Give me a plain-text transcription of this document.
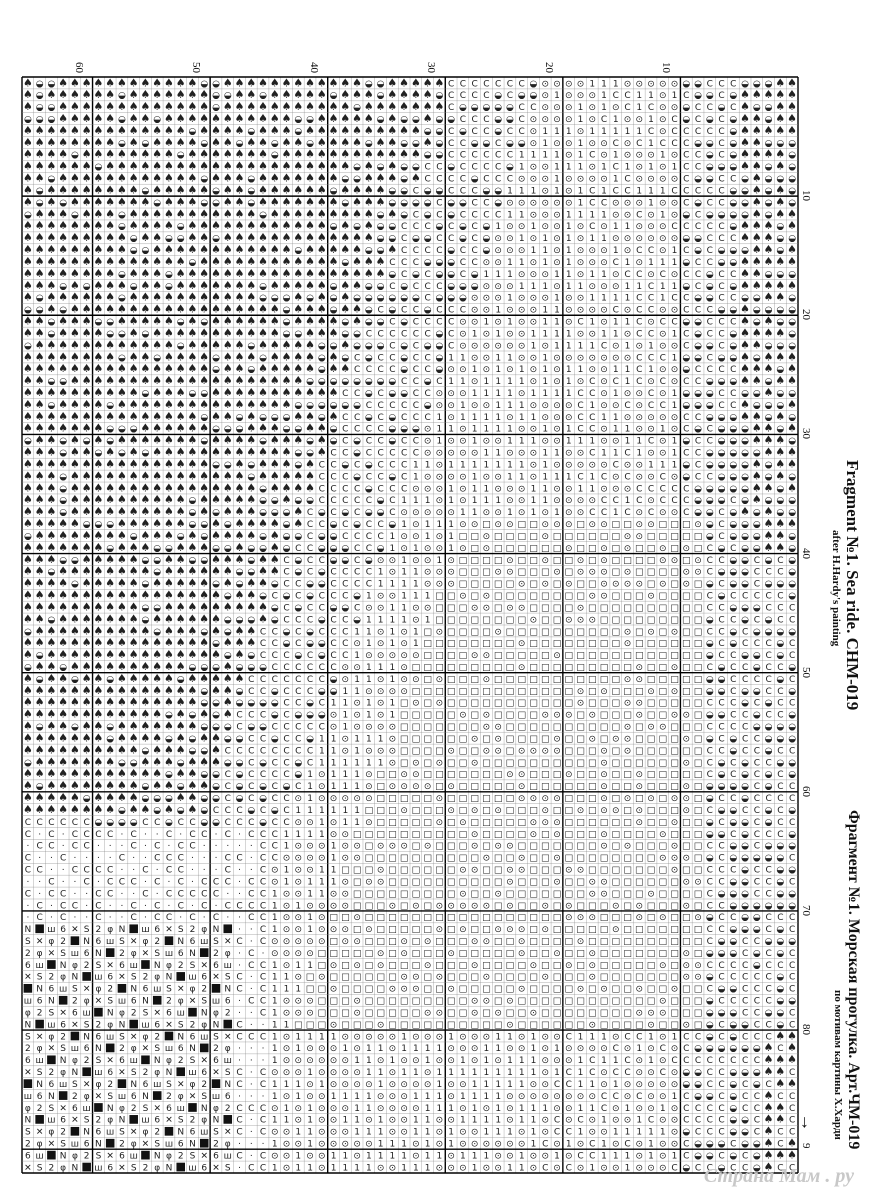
♠ ◒ ◒ ♠ ♠ ♠ ♠ ♠ ♠ ♠ ♠ ♠ ♠ ♠ ♠ ◒ ◒ ♠ ♠ ♠ ♠ ♠ ♠ ♠ ♠ ♠ ♠ ♠ ♠ ◒ ◒ ♠ ♠ ♠ ♠ ♠ C C C C C C C ◒ ⊙ ⊙ ⊙ ⊙ 1 1 1 ⊙ ⊙ ⊙ ⊙ ⊙ ◒ ◒ C C C ◒ ◒ ◒ ♠ ♠
♠ ◒ ♠ ♠ ♠ ♠ ♠ ♠ ◒ ♠ ♠ ♠ ♠ ♠ ♠ ♠ ◒ ◒ ♠ ♠ ◒ ♠ ♠ ♠ ♠ ♠ ◒ ♠ ♠ ♠ ◒ ♠ ♠ ♠ ♠ ◒ C C C C ◒ C ◒ ◒ ⊙ 1 ⊙ ⊙ ⊙ 1 C C 1 1 ⊙ 1 C ◒ ◒ C ◒ ♠ ♠ ♠ ♠ ♠
♠ ◒ ◒ ♠ ♠ ♠ ♠ ♠ ♠ ♠ ♠ ♠ ♠ ♠ ♠ ♠ ◒ ♠ ♠ ♠ ♠ ♠ ♠ ♠ ♠ ♠ ♠ ♠ ◒ ♠ ♠ ♠ ♠ ♠ ♠ ♠ C ◒ ◒ ◒ ◒ ◒ C C ⊙ ⊙ ⊙ 1 ⊙ 1 ⊙ C 1 C ⊙ ⊙ ◒ C C ◒ C ♠ ◒ ◒ ♠ ♠
◒ ◒ ◒ ♠ ♠ ♠ ♠ ♠ ◒ ♠ ♠ ◒ ♠ ♠ ♠ ♠ ♠ ♠ ♠ ♠ ♠ ♠ ♠ ◒ ◒ ♠ ♠ ♠ ♠ ♠ ◒ ♠ ◒ ◒ ♠ ◒ ◒ C C C ◒ ◒ C ⊙ ⊙ ⊙ ⊙ 1 ⊙ C 1 ⊙ ⊙ 1 ⊙ C ◒ C ◒ C ◒ ♠ ♠ ◒ ♠ ♠
♠ ♠ ♠ ♠ ♠ ♠ ♠ ♠ ♠ ♠ ♠ ♠ ♠ ♠ ◒ ♠ ♠ ♠ ♠ ◒ ♠ ♠ ♠ ◒ ♠ ♠ ♠ ♠ ♠ ♠ ♠ ♠ ♠ ♠ ◒ ◒ C ◒ C C ◒ C C ⊙ 1 1 1 ⊙ 1 1 1 1 1 C ⊙ C C C C C ◒ ♠ ♠ ♠ ♠ ♠
♠ ♠ ♠ ♠ ♠ ♠ ♠ ♠ ◒ ♠ ◒ ♠ ♠ ♠ ♠ ◒ ♠ ♠ ◒ ♠ ♠ ◒ ♠ ♠ ◒ ♠ ♠ ♠ ♠ ◒ ♠ ♠ ◒ ◒ ♠ ◒ C C ◒ ◒ C ◒ ◒ ⊙ 1 ⊙ ⊙ 1 ⊙ ⊙ C ⊙ C 1 C C C ◒ ◒ C ◒ ♠ ♠ ◒ ◒ ◒
♠ ♠ ♠ ♠ ◒ ♠ ♠ ♠ ♠ ♠ ♠ ♠ ♠ ◒ ♠ ♠ ♠ ♠ ♠ ♠ ♠ ◒ ♠ ♠ ♠ ♠ ♠ ♠ ♠ ♠ ♠ ♠ ♠ ♠ ◒ ◒ C C C C C C 1 1 1 1 ⊙ 1 C ⊙ 1 ⊙ ⊙ ⊙ 1 ⊙ C C ◒ C ◒ ♠ ♠ ♠ ♠ ◒
♠ ♠ ♠ ♠ ♠ ♠ ◒ ♠ ♠ ♠ ♠ ♠ ♠ ♠ ♠ ♠ ♠ ♠ ♠ ♠ ♠ ♠ ♠ ♠ ♠ ♠ ♠ ♠ ◒ ♠ ◒ ♠ ◒ ◒ C C ◒ C C C C ◒ 1 ⊙ ⊙ 1 1 1 ⊙ 1 C 1 ⊙ 1 ⊙ 1 C C ◒ ◒ ◒ ♠ ♠ ◒ ♠ ◒
♠ ♠ ◒ ♠ ♠ ♠ ♠ ♠ ♠ ♠ ♠ ♠ ♠ ♠ ♠ ◒ ♠ ♠ ♠ ◒ ♠ ♠ ♠ ♠ ♠ ♠ ♠ ◒ ◒ ♠ ♠ ♠ ◒ ♠ C C C C ◒ C C C ⊙ ⊙ ⊙ 1 ⊙ ⊙ ⊙ ⊙ 1 C ⊙ ⊙ ⊙ ⊙ C ◒ ◒ C C ◒ ♠ ◒ ◒ ◒
♠ ◒ ♠ ♠ ♠ ♠ ♠ ♠ ♠ ♠ ◒ ♠ ♠ ♠ ♠ ♠ ◒ ♠ ♠ ◒ ♠ ♠ ♠ ♠ ♠ ♠ ◒ ♠ ♠ ♠ ♠ ◒ ◒ C ◒ ◒ C C C ◒ ◒ 1 1 1 ⊙ 1 ⊙ 1 C 1 C C 1 1 1 C C C C C ◒ ◒ ♠ ◒ ♠ ◒
♠ ◒ ♠ ◒ ♠ ♠ ♠ ♠ ♠ ♠ ♠ ◒ ♠ ♠ ♠ ◒ ◒ ♠ ♠ ◒ ♠ ♠ ♠ ♠ ♠ ♠ ♠ ◒ ♠ ♠ ♠ ◒ ◒ ◒ ◒ C ◒ ◒ C C ◒ ⊙ ⊙ ⊙ ⊙ ⊙ ⊙ 1 C C ⊙ ⊙ ⊙ 1 ⊙ ⊙ C ◒ C C ◒ ◒ ♠ ◒ ♠ ◒
◒ ♠ ♠ ♠ ◒ ♠ ♠ ♠ ◒ ♠ ♠ ♠ ♠ ♠ ♠ ♠ ♠ ♠ ♠ ♠ ◒ ♠ ♠ ♠ ♠ ♠ ♠ ♠ ♠ ♠ ◒ ♠ ◒ C ◒ C ◒ C C C C 1 1 ⊙ ⊙ ⊙ 1 1 1 1 ⊙ ⊙ C ⊙ 1 ⊙ ◒ C ◒ ◒ ◒ ◒ ♠ ◒ ♠ ♠
♠ ♠ ♠ ♠ ♠ ♠ ♠ ♠ ◒ ♠ ♠ ♠ ♠ ◒ ♠ ♠ ♠ ♠ ♠ ♠ ♠ ♠ ♠ ♠ ♠ ♠ ◒ ♠ ◒ ♠ ◒ ◒ C C C ◒ C ◒ C ◒ 1 ⊙ ⊙ 1 ⊙ ⊙ 1 ⊙ C ⊙ 1 1 ⊙ ⊙ ⊙ C C C C C ◒ ♠ ♠ ♠ ◒ ♠
♠ ♠ ♠ ♠ ♠ ♠ ♠ ♠ ♠ ◒ ♠ ♠ ◒ ◒ ♠ ♠ ◒ ♠ ♠ ♠ ♠ ♠ ♠ ♠ ♠ ♠ ♠ ♠ ♠ ♠ ◒ ◒ C ◒ ◒ C C ◒ C ◒ ⊙ ⊙ 1 ⊙ 1 ⊙ 1 ⊙ 1 1 ⊙ ⊙ ⊙ ⊙ ⊙ ⊙ ◒ ◒ C C C ♠ ♠ ♠ ◒ ◒
♠ ♠ ♠ ♠ ♠ ♠ ♠ ♠ ♠ ◒ ◒ ♠ ♠ ♠ ♠ ♠ ♠ ♠ ♠ ♠ ♠ ♠ ♠ ◒ ♠ ♠ ♠ ♠ ♠ ◒ ◒ ♠ C C C C ◒ C C ◒ ⊙ ⊙ ⊙ 1 1 ⊙ 1 ⊙ ⊙ ⊙ 1 ⊙ C C ⊙ 1 C ◒ C ◒ ◒ ◒ ♠ ♠ ◒ ♠
♠ ♠ ♠ ♠ ♠ ♠ ♠ ♠ ♠ ♠ ♠ ♠ ♠ ♠ ◒ ♠ ♠ ♠ ♠ ♠ ♠ ♠ ♠ ♠ ♠ ♠ ♠ ◒ ♠ ♠ ♠ C C C ◒ ◒ ◒ C C ⊙ ⊙ 1 1 ⊙ 1 ⊙ 1 ⊙ ⊙ ⊙ C 1 ⊙ 1 1 1 ◒ C C ◒ ◒ ♠ ♠ ♠ ♠ ♠
♠ ♠ ♠ ♠ ♠ ♠ ♠ ♠ ◒ ♠ ♠ ♠ ◒ ♠ ♠ ♠ ♠ ♠ ♠ ♠ ♠ ♠ ♠ ♠ ♠ ♠ ♠ ♠ ♠ ♠ ♠ ◒ C ◒ C ◒ ◒ C ◒ 1 1 1 ⊙ ⊙ ⊙ 1 1 ⊙ 1 1 ⊙ C C ⊙ C ⊙ C C ◒ C C ♠ ♠ ◒ ◒ ◒
♠ ♠ ♠ ◒ ♠ ◒ ♠ ♠ ♠ ◒ ♠ ♠ ◒ ♠ ♠ ♠ ♠ ♠ ♠ ♠ ◒ ♠ ♠ ♠ ♠ ♠ ◒ ♠ ♠ ◒ ◒ C ◒ C C C ◒ ◒ ◒ ⊙ ⊙ ⊙ 1 1 1 ⊙ 1 1 ⊙ ⊙ ⊙ 1 1 C 1 1 ◒ C ◒ C ◒ ♠ ♠ ♠ ♠ ♠
♠ ◒ ♠ ♠ ♠ ♠ ♠ ♠ ◒ ♠ ♠ ♠ ♠ ♠ ♠ ♠ ♠ ♠ ♠ ♠ ◒ ◒ ◒ ♠ ◒ ♠ ◒ ♠ ◒ ◒ ◒ ◒ ◒ ◒ C ◒ ◒ ◒ ⊙ ⊙ ⊙ 1 ⊙ ⊙ ⊙ 1 ⊙ ⊙ 1 1 1 1 C C 1 C C ◒ ◒ C C ◒ ◒ ♠ ♠ ◒
◒ ◒ ♠ ◒ ♠ ♠ ♠ ♠ ♠ ♠ ♠ ♠ ♠ ♠ ♠ ♠ ♠ ♠ ♠ ♠ ♠ ♠ ◒ ♠ ♠ ♠ ◒ ♠ ♠ ◒ C ◒ C C ◒ C C C ⊙ ⊙ 1 ⊙ ⊙ ⊙ 1 1 ⊙ ⊙ ⊙ ⊙ C ⊙ C C ⊙ ⊙ C C C ◒ ◒ ♠ ◒ ◒ ◒ ◒
♠ ♠ ◒ ♠ ♠ ♠ ◒ ◒ ♠ ♠ ♠ ♠ ♠ ◒ ♠ ◒ ♠ ♠ ♠ ♠ ♠ ♠ ◒ ♠ ♠ ♠ ♠ ◒ ♠ ◒ ◒ C ◒ C C C C ⊙ ⊙ 1 ⊙ 1 ⊙ ⊙ 1 1 ⊙ C 1 ⊙ 1 1 C ⊙ C C ◒ ◒ C C C ♠ ◒ ♠ ◒ ◒
♠ ♠ ◒ ♠ ♠ ♠ ♠ ◒ ◒ ♠ ◒ ♠ ♠ ♠ ♠ ♠ ♠ ♠ ♠ ♠ ♠ ♠ ◒ ◒ ♠ ♠ ♠ ◒ ◒ C C C C C C ◒ C ⊙ 1 ⊙ 1 ⊙ ⊙ 1 1 1 1 ⊙ ⊙ 1 1 ⊙ C C ⊙ 1 C ◒ C C ◒ ♠ ♠ ♠ ♠ ◒
◒ ♠ ♠ ♠ ♠ ♠ ♠ ♠ ♠ ♠ ♠ ♠ ♠ ◒ ♠ ♠ ♠ ♠ ♠ ◒ ♠ ♠ ♠ ♠ ♠ ◒ ◒ ♠ ◒ ◒ ◒ C ◒ C ◒ ◒ C ⊙ ⊙ ⊙ ⊙ ⊙ ⊙ 1 ⊙ 1 1 1 1 C ⊙ 1 ⊙ 1 ⊙ ⊙ C ◒ ◒ C ◒ ♠ ♠ ◒ ◒ ◒
♠ ♠ ♠ ♠ ♠ ♠ ♠ ♠ ◒ ♠ ♠ ◒ ♠ ♠ ♠ ♠ ◒ ♠ ♠ ♠ ◒ ♠ ♠ ♠ ♠ ◒ ♠ ◒ C ◒ C C ◒ C C ◒ 1 1 ⊙ ⊙ 1 1 ⊙ ⊙ 1 ⊙ ⊙ ⊙ ⊙ ⊙ ⊙ ⊙ C C C 1 ◒ ◒ C ◒ ◒ ♠ ◒ ♠ ♠ ♠
♠ ♠ ♠ ♠ ♠ ♠ ♠ ♠ ♠ ♠ ♠ ♠ ♠ ♠ ♠ ♠ ◒ ♠ ♠ ◒ ♠ ♠ ♠ ♠ ♠ ◒ ♠ ♠ C C C C ◒ C C ◒ ⊙ ⊙ 1 ⊙ 1 ⊙ 1 ⊙ 1 ⊙ 1 1 ⊙ ⊙ 1 1 C 1 ⊙ ⊙ ◒ C C C C ♠ ♠ ♠ ◒ ♠
♠ ♠ ◒ ◒ ♠ ♠ ♠ ♠ ♠ ♠ ♠ ♠ ♠ ♠ ♠ ♠ ♠ ♠ ♠ ♠ ♠ ♠ ♠ ♠ ◒ ◒ ◒ ◒ ◒ ◒ ◒ ◒ C C ◒ C 1 1 ⊙ 1 1 1 1 ⊙ 1 ⊙ 1 ⊙ C ⊙ C 1 C ⊙ C ⊙ C C ◒ ◒ ◒ ♠ ♠ ◒ ♠ ♠
♠ ♠ ♠ ♠ ♠ ♠ ♠ ♠ ♠ ♠ ◒ ♠ ♠ ♠ ◒ ◒ ♠ ♠ ♠ ♠ ♠ ♠ ♠ ♠ ♠ ♠ ♠ C C ◒ C ◒ ◒ C C ⊙ ⊙ ⊙ 1 1 1 1 ⊙ 1 1 1 1 C C ⊙ 1 ⊙ ⊙ C ⊙ 1 ◒ ◒ ◒ C C ◒ ◒ ♠ ◒ ◒
♠ ♠ ◒ ♠ ♠ ♠ ♠ ◒ ♠ ♠ ♠ ♠ ♠ ♠ ♠ ♠ ♠ ♠ ♠ ♠ ♠ ♠ ♠ ◒ ◒ ◒ ◒ ◒ ◒ C C C C C ◒ ⊙ ⊙ 1 ⊙ ⊙ 1 1 1 ⊙ ⊙ ⊙ ⊙ C 1 ⊙ ⊙ C ⊙ C C 1 ◒ ◒ ◒ C C ♠ ◒ ◒ ◒ ♠
♠ ♠ ♠ ♠ ♠ ♠ ♠ ♠ ♠ ♠ ♠ ♠ ♠ ♠ ♠ ◒ ♠ ♠ ◒ ♠ ◒ ◒ ◒ ♠ ♠ ◒ ♠ C C ◒ C ◒ C C C 1 ⊙ 1 1 1 1 ⊙ 1 1 ⊙ ⊙ ⊙ C C 1 1 ⊙ ⊙ ⊙ ⊙ ⊙ C C ◒ ◒ ◒ ♠ ♠ ◒ ♠ ◒
♠ ♠ ♠ ♠ ♠ ♠ ♠ ◒ ◒ ◒ ♠ ♠ ♠ ♠ ♠ ♠ ◒ ◒ ◒ ♠ ♠ ♠ ◒ ◒ ♠ ♠ ◒ C C C C ◒ ◒ ◒ ⊙ 1 1 ⊙ 1 1 1 1 ⊙ ⊙ 1 ⊙ 1 C C ⊙ 1 1 ⊙ ⊙ 1 ⊙ C ◒ C ◒ ◒ ◒ ♠ ♠ ◒ ♠
◒ ♠ ♠ ◒ ♠ ◒ ♠ ◒ ♠ ♠ ♠ ♠ ♠ ♠ ♠ ◒ ♠ ♠ ♠ ♠ ◒ ♠ ♠ ♠ ◒ ♠ ◒ C ◒ C C ◒ C C ⊙ 1 ⊙ ⊙ 1 ⊙ ⊙ 1 1 1 ⊙ ⊙ 1 1 1 ⊙ ⊙ 1 1 C ⊙ 1 ◒ C C ◒ ◒ ◒ ♠ ♠ ♠ ◒
♠ ♠ ♠ ◒ ♠ ♠ ◒ ♠ ◒ ♠ ◒ ♠ ♠ ♠ ♠ ♠ ♠ ♠ ♠ ♠ ♠ ♠ ♠ ◒ ◒ ♠ C C ◒ C C C C C ⊙ ⊙ ⊙ ⊙ ⊙ 1 1 ⊙ ⊙ ⊙ 1 1 ⊙ ⊙ C 1 1 C 1 ⊙ ⊙ 1 C C ◒ ◒ ◒ ◒ ◒ ♠ ♠ ♠
♠ ♠ ♠ ♠ ♠ ♠ ♠ ♠ ♠ ♠ ♠ ♠ ♠ ♠ ♠ ♠ ◒ ◒ ♠ ◒ ♠ ♠ ♠ ◒ ♠ C C ◒ C ◒ C C C 1 1 ⊙ 1 1 1 1 1 1 1 ⊙ 1 ⊙ ⊙ ⊙ ⊙ ⊙ C ⊙ ⊙ 1 1 1 ◒ C ◒ ◒ ◒ ◒ ♠ ◒ ♠ ♠
♠ ♠ ♠ ◒ ♠ ♠ ♠ ♠ ♠ ♠ ♠ ♠ ♠ ♠ ♠ ♠ ♠ ♠ ♠ ◒ ♠ ♠ ♠ ♠ ♠ C C C ◒ C C ◒ C 1 ⊙ ⊙ ⊙ ⊙ 1 ⊙ ⊙ 1 1 ⊙ 1 1 1 C 1 C ⊙ C ⊙ ⊙ C ⊙ ◒ C C ◒ ◒ ◒ ♠ ◒ ♠ ◒
♠ ♠ ♠ ◒ ♠ ♠ ♠ ♠ ♠ ♠ ♠ ♠ ♠ ♠ ♠ ♠ ♠ ♠ ♠ ♠ ◒ ♠ ♠ ♠ ♠ C C C C ◒ C C C ⊙ ⊙ ⊙ 1 ⊙ 1 1 ⊙ ⊙ ⊙ 1 1 ⊙ ⊙ 1 1 ⊙ ⊙ ⊙ C C C C C ◒ ◒ ◒ ◒ ◒ ♠ ♠ ◒ ♠
♠ ♠ ♠ ◒ ♠ ♠ ♠ ♠ ♠ ♠ ♠ ♠ ♠ ♠ ◒ ♠ ♠ ♠ ♠ ♠ ◒ ◒ ♠ ◒ ◒ C C C C C ◒ C 1 1 1 ⊙ 1 ⊙ 1 1 1 ⊙ ⊙ 1 1 ⊙ ⊙ ⊙ ⊙ C C 1 C ⊙ C C C ◒ ◒ ◒ C ◒ ♠ ◒ ◒ ◒
♠ ♠ ♠ ◒ ♠ ♠ ♠ ♠ ♠ ♠ ♠ ♠ ♠ ♠ ◒ ♠ ◒ ♠ ♠ ♠ ◒ ◒ ◒ ♠ C ◒ C ◒ C ◒ ◒ C ⊙ ⊙ ⊙ ⊙ ⊙ 1 1 ⊙ ⊙ 1 ⊙ 1 ⊙ 1 ⊙ ⊙ C C 1 C ⊙ C ⊙ ⊙ C ◒ ◒ C ◒ ♠ ◒ ♠ ◒ ◒
♠ ♠ ♠ ♠ ♠ ◒ ◒ ◒ ♠ ♠ ♠ ♠ ♠ ♠ ◒ ◒ ♠ ◒ ♠ ♠ ♠ ♠ ◒ ♠ C C ◒ C ◒ C C ◒ 1 ⊙ 1 1 1 ⊙ ⊙ □ ⊙ ⊙ □ □ ⊙ ⊙ ⊙ □ ⊙ ⊙ □ □ ⊙ ⊙ □ □ □ ⊙ ◒ C ◒ ◒ ◒ ♠ ♠ ♠
◒ ♠ ♠ ♠ ♠ ♠ ♠ ♠ ♠ ◒ ♠ ♠ ♠ ◒ ♠ ◒ ♠ ♠ ♠ ♠ ◒ ♠ ◒ ◒ C ◒ ◒ C C C C 1 ⊙ ⊙ 1 ⊙ 1 □ □ ⊙ □ □ □ □ ⊙ □ □ □ □ □ □ ⊙ ⊙ □ □ □ □ □ ◒ C ◒ ◒ ◒ ♠ ♠ ◒
♠ ♠ ♠ ♠ ♠ ♠ ♠ ◒ ♠ ♠ ♠ ◒ ◒ ♠ ♠ ♠ ◒ ◒ ♠ ◒ ◒ ♠ ◒ C C ◒ ◒ ◒ C C ◒ 1 ⊙ 1 ⊙ ⊙ 1 ⊙ □ ⊙ □ □ □ □ □ □ ⊙ □ □ ⊙ □ ⊙ □ □ ⊙ □ ⊙ □ C ◒ C ◒ ◒ ♠ ♠ ◒
♠ ♠ ♠ ◒ ◒ ♠ ♠ ♠ ♠ ♠ ◒ ◒ ♠ ♠ ◒ ◒ ♠ ♠ ♠ ◒ ♠ ♠ C ◒ C C ◒ ◒ C ◒ ⊙ ⊙ 1 ⊙ ⊙ 1 ⊙ □ □ □ □ ⊙ □ □ ⊙ □ □ ⊙ □ ⊙ □ □ □ □ ⊙ ⊙ □ ⊙ C C ◒ ◒ C ◒ C ◒
♠ ♠ ◒ ♠ ♠ ♠ ♠ ♠ ♠ ♠ ♠ ◒ ♠ ♠ ♠ ♠ ♠ ♠ ◒ ◒ ♠ ♠ C ◒ C ◒ C C C C 1 ⊙ 1 1 ⊙ ⊙ ⊙ □ □ □ ⊙ ⊙ □ □ □ ⊙ □ ⊙ ⊙ ⊙ □ ⊙ □ □ □ □ ⊙ ⊙ C ◒ ◒ ◒ C C C ◒
♠ ♠ ♠ ♠ ◒ ♠ ♠ ♠ ♠ ♠ ◒ ♠ ♠ ♠ ♠ ♠ ◒ ♠ ◒ ♠ ♠ ◒ C C ◒ ◒ C C C C 1 1 1 1 ⊙ ⊙ ⊙ □ □ □ □ □ ⊙ □ ⊙ □ ⊙ □ □ ⊙ ⊙ ⊙ ⊙ □ ⊙ □ ⊙ □ ◒ C ◒ ◒ C ◒ ◒ ◒
♠ ♠ ♠ ♠ ♠ ♠ ♠ ♠ ♠ ♠ ♠ ♠ ♠ ♠ ♠ ♠ ♠ ◒ ♠ ♠ ◒ C ◒ C ◒ C C C ◒ 1 ⊙ ⊙ 1 1 1 □ □ ⊙ □ ⊙ □ □ □ □ □ □ □ □ ⊙ ⊙ □ □ □ ⊙ □ □ □ □ C ◒ C C C C C ◒
♠ ♠ ♠ ♠ ♠ ♠ ♠ ♠ ♠ ♠ ◒ ◒ ♠ ♠ ♠ ♠ ♠ ♠ ♠ ♠ ♠ ◒ C ◒ C C ◒ ◒ C ⊙ ⊙ 1 1 ⊙ ⊙ □ □ □ ⊙ ⊙ □ ⊙ ⊙ □ □ □ □ ⊙ □ □ □ □ □ □ □ □ □ □ C C ◒ ◒ ◒ C C C
♠ ♠ ◒ ♠ ♠ ♠ ♠ ♠ ♠ ♠ ◒ ♠ ♠ ♠ ♠ ♠ ♠ ◒ ◒ ◒ ♠ ◒ C C C ◒ C C ◒ 1 1 1 1 ⊙ 1 □ □ □ □ □ □ □ □ ⊙ □ □ ⊙ ⊙ ⊙ □ □ □ □ □ □ □ □ □ ◒ C C ◒ C ◒ C C
◒ ♠ ♠ ♠ ♠ ♠ ♠ ♠ ♠ ♠ ♠ ◒ ♠ ♠ ♠ ◒ ♠ ◒ ♠ ♠ C C ◒ C ◒ C C C 1 1 ⊙ 1 ⊙ 1 □ ⊙ □ □ □ □ ⊙ □ □ □ □ □ □ □ □ □ □ ⊙ □ ⊙ □ ⊙ □ □ C C ◒ C ◒ ◒ ◒ ◒
♠ ♠ ♠ ♠ ♠ ♠ ♠ ♠ ♠ ♠ ♠ ♠ ♠ ♠ ♠ ♠ ◒ ♠ ♠ ♠ C C ◒ C ◒ ◒ C C ⊙ 1 ⊙ 1 ⊙ 1 □ □ □ □ □ □ □ □ ⊙ □ □ □ □ □ □ □ □ ⊙ □ □ □ □ □ □ ◒ C ◒ C C C ◒ C
♠ ◒ ♠ ♠ ♠ ♠ ♠ ♠ ♠ ♠ ♠ ♠ ♠ ♠ ♠ ♠ ♠ ◒ ♠ ◒ C C C ◒ C ◒ C C 1 ⊙ ⊙ ⊙ ⊙ ⊙ □ □ □ □ ⊙ ⊙ □ □ □ □ □ ⊙ □ □ □ □ □ □ □ □ □ □ □ □ ◒ C C ◒ ◒ C ◒ C
◒ ♠ ♠ ◒ ♠ ♠ ♠ ♠ ♠ ♠ ♠ ♠ ♠ ♠ ◒ ◒ ◒ ♠ ◒ ◒ ◒ C C C C C C ⊙ ⊙ 1 1 1 ⊙ □ □ □ □ □ □ □ □ □ ⊙ □ □ □ □ □ □ □ □ □ ⊙ □ □ ⊙ □ □ C ◒ C C ◒ C C ◒
♠ ◒ ♠ ♠ ◒ ♠ ♠ ◒ ♠ ♠ ♠ ♠ ♠ ◒ ♠ ♠ ♠ ♠ ♠ C C C C C C C ◒ ⊙ 1 1 ⊙ 1 ⊙ ⊙ □ ⊙ □ □ □ ⊙ □ □ □ □ □ □ □ □ □ □ □ ⊙ ⊙ □ □ □ □ □ ◒ ◒ C C C C ◒ C
♠ ♠ ♠ ♠ ♠ ♠ ♠ ♠ ♠ ♠ ♠ ♠ ♠ ♠ ♠ ◒ ♠ ♠ ◒ C C ◒ C C C ◒ ◒ 1 1 ⊙ ⊙ ⊙ ⊙ □ □ □ □ □ □ □ □ □ □ □ □ □ □ ⊙ □ ⊙ □ □ □ ⊙ □ ⊙ □ □ ◒ ◒ C ◒ ◒ C C ◒
♠ ♠ ♠ ♠ ♠ ♠ ♠ ♠ ♠ ♠ ♠ ♠ ♠ ♠ ♠ ◒ ◒ ♠ ◒ ◒ ◒ ◒ C C ◒ C 1 1 ⊙ 1 ⊙ 1 □ ⊙ □ ⊙ □ □ □ □ □ □ □ □ □ □ □ ⊙ □ □ □ ⊙ ⊙ □ □ □ □ □ C C C ◒ C ◒ C C
♠ ♠ ♠ ♠ ♠ ♠ ♠ ♠ ♠ ♠ ♠ ♠ ◒ ♠ ◒ ♠ ◒ ♠ C C C ◒ C ◒ ◒ ◒ ⊙ 1 ⊙ 1 ⊙ 1 □ □ □ □ □ ⊙ □ ⊙ □ □ □ □ ⊙ ⊙ ⊙ □ ⊙ □ □ □ ⊙ □ □ ⊙ ⊙ □ ◒ ◒ C C ◒ C C ◒
♠ ◒ ♠ ♠ ◒ ♠ ♠ ◒ ♠ ♠ ♠ ♠ ♠ ♠ ♠ ◒ ◒ ◒ C ◒ ◒ C C C C C ⊙ 1 ⊙ ⊙ ⊙ ⊙ □ □ □ □ □ □ □ ⊙ ⊙ □ □ □ □ □ □ □ □ □ □ ⊙ □ ⊙ ⊙ □ □ □ C C C C ◒ ◒ ◒ ◒
♠ ♠ ♠ ♠ ♠ ♠ ♠ ◒ ♠ ♠ ♠ ♠ ◒ ♠ ◒ ♠ ♠ ◒ ◒ C C ◒ C C ◒ 1 1 ⊙ 1 1 1 ⊙ □ □ □ □ □ □ ⊙ □ ⊙ □ □ □ □ ⊙ □ □ ⊙ □ ⊙ ⊙ □ □ □ □ ⊙ □ ◒ C ◒ C C ◒ ◒ ◒
♠ ♠ ♠ ♠ ♠ ♠ ♠ ♠ ♠ ♠ ◒ ♠ ♠ ♠ ◒ ◒ ♠ C C C C C C C C 1 1 ⊙ 1 ⊙ ⊙ ⊙ □ □ □ □ ⊙ □ □ ⊙ ⊙ □ ⊙ ⊙ ⊙ ⊙ □ □ □ ⊙ □ ⊙ □ □ □ □ □ □ C C ◒ C C ◒ C C
◒ ♠ ♠ ♠ ♠ ♠ ♠ ♠ ◒ ◒ ♠ ♠ ♠ ◒ ♠ ♠ ♠ ◒ ◒ C ◒ C C ◒ C 1 1 1 1 1 1 ⊙ □ ⊙ □ ⊙ □ □ ⊙ □ □ □ □ □ □ □ □ □ □ ⊙ □ □ □ □ □ □ ⊙ □ C ◒ C ◒ C C ◒ ◒
♠ ♠ ♠ ♠ ♠ ♠ ♠ ♠ ♠ ♠ ♠ ♠ ◒ ♠ ♠ ◒ ◒ C ◒ C C C C ◒ 1 ⊙ 1 1 1 ⊙ □ □ ⊙ ⊙ □ □ □ □ □ □ □ ⊙ ⊙ □ □ □ ⊙ □ □ ⊙ □ □ ⊙ □ □ □ □ □ C ◒ C ◒ C ◒ C ◒
♠ ◒ ♠ ♠ ♠ ♠ ♠ ♠ ♠ ♠ ◒ ♠ ♠ ◒ ♠ ♠ ◒ C ◒ C ◒ C ◒ C 1 ⊙ 1 1 1 ⊙ □ ⊙ ⊙ ⊙ ⊙ □ ⊙ □ □ □ □ □ ⊙ □ □ □ □ □ □ ⊙ □ □ ⊙ □ □ □ ⊙ □ ◒ ◒ ◒ ◒ C ◒ C C
♠ ♠ ♠ ♠ ♠ ◒ ♠ ♠ ♠ ♠ ◒ ◒ ◒ ♠ ♠ ◒ ◒ C ◒ C ◒ C C ⊙ 1 ⊙ ⊙ ⊙ ⊙ ⊙ □ □ □ □ □ ⊙ □ □ □ □ □ □ ⊙ ⊙ ⊙ ⊙ □ □ □ ⊙ □ ⊙ □ ⊙ □ ⊙ ⊙ □ ◒ C C ◒ C C C C
♠ ♠ ♠ ♠ ♠ ♠ ♠ ♠ ◒ ♠ ♠ ◒ ♠ ◒ ♠ ◒ C C C ◒ C ◒ C 1 1 1 1 1 1 □ □ □ ⊙ □ □ □ ⊙ □ ⊙ □ ⊙ □ □ □ ⊙ □ □ ⊙ □ ⊙ ⊙ □ ⊙ □ □ □ ⊙ □ C ◒ ◒ C C ◒ C ◒
C C C C C C ◒ ◒ ◒ ◒ C C ◒ C C ◒ ◒ C C C ◒ C C ⊙ ⊙ 1 ⊙ 1 1 ⊙ □ □ □ □ □ ⊙ □ ⊙ □ □ □ □ □ ⊙ ⊙ ⊙ □ □ □ □ □ □ ⊙ □ □ ⊙ □ □ ◒ C ◒ ◒ C ◒ C C
C · C · C C C C · C · · C · C C · C · C C C 1 1 1 1 ⊙ ⊙ □ □ □ □ □ □ □ □ □ □ ⊙ □ □ □ □ ⊙ □ ⊙ □ □ □ ⊙ □ □ □ □ ⊙ □ □ □ ◒ ◒ C ◒ C C C ◒
· C C · C C · · · C · C · C C · · · · · C C 1 ⊙ ⊙ ⊙ 1 ⊙ ⊙ □ ⊙ ⊙ ⊙ □ ⊙ □ □ □ ⊙ □ ⊙ ⊙ □ □ □ □ □ □ □ ⊙ □ ⊙ □ □ □ ⊙ □ □ C C ◒ ◒ C ◒ ◒ ◒
C · · C · · · · C · · C C C · · · C C · C C ⊙ ⊙ ⊙ ⊙ 1 ⊙ ⊙ □ □ □ □ □ □ □ □ □ □ ⊙ □ □ ⊙ □ □ ⊙ □ □ □ □ □ □ □ □ ⊙ ⊙ ⊙ □ ◒ C ◒ ◒ ◒ ◒ ◒ C
C C · · C C C C · · C · C C · · · C · · C ⊙ 1 ⊙ ⊙ 1 1 □ □ □ ⊙ □ □ □ □ □ □ ⊙ ⊙ □ □ ⊙ ⊙ □ □ □ ⊙ ⊙ □ □ □ □ □ □ □ ⊙ □ □ C C C ◒ C C ◒ ◒
· · C · · C · C C C · C · C · C C C · C C ⊙ 1 ⊙ 1 1 1 ⊙ □ ⊙ ⊙ □ □ □ □ □ □ □ □ □ □ ⊙ □ □ □ ⊙ □ □ ⊙ ⊙ □ □ □ □ □ □ ⊙ ⊙ C C ◒ ◒ C C ◒ C
C · C C · · C C · · C · C C C C C · · C C 1 ⊙ ⊙ 1 1 ⊙ ⊙ □ □ □ □ □ □ □ □ □ ⊙ □ □ ⊙ □ □ □ □ □ □ □ ⊙ ⊙ □ □ □ ⊙ □ □ □ □ C ◒ ◒ ◒ C C ◒ ◒
· C · C C · C · · C · C · C · C · C C C C 1 ⊙ 1 ⊙ ⊙ ⊙ ⊙ □ □ □ ⊙ □ ⊙ □ ⊙ ⊙ ⊙ ⊙ ⊙ □ ⊙ □ □ ⊙ □ ⊙ □ □ □ ⊙ □ ⊙ □ □ □ ⊙ □ C C ◒ ◒ ◒ ◒ ◒ ◒
· C · C · · C · · C · C C · C · C · · C C 1 ⊙ ⊙ 1 ⊙ □ □ ⊙ □ □ □ □ □ □ □ □ □ □ □ □ □ □ □ □ □ ⊙ ⊙ ⊙ □ □ □ ⊙ □ ⊙ □ □ ⊙ ◒ C C ◒ ◒ C C C
N ш 6 ✕ S 2 φ N ш 6 ✕ S 2 φ N · · C 1 ⊙ ⊙ 1 ⊙ ⊙ ⊙ □ ⊙ □ □ □ □ □ ⊙ □ ⊙ □ □ ⊙ ⊙ ⊙ □ ⊙ □ □ □ □ □ ⊙ □ □ □ □ □ □ □ C C ◒ ◒ ◒ C ◒ C
S ✕ φ 2 N 6 ш S ✕ φ 2 N 6 ш S ✕ C · C ⊙ ⊙ ⊙ ⊙ ⊙ □ ⊙ ⊙ □ □ □ ⊙ □ ⊙ □ □ □ ⊙ ⊙ □ □ ⊙ □ □ □ □ ⊙ □ □ □ □ □ □ □ □ □ □ C ◒ ◒ C C ◒ ◒ ◒
2 φ ✕ S ш 6 N 2 φ ✕ S ш 6 N 2 φ · C · ⊙ ⊙ ⊙ ⊙ □ □ □ □ □ ⊙ □ ⊙ □ □ □ ⊙ □ □ □ □ □ ⊙ □ □ ⊙ □ □ ⊙ □ □ □ □ □ □ □ ⊙ □ ◒ ◒ ◒ C ◒ C ◒ C
6 ш N φ 2 S ✕ 6 ш N φ 2 S ✕ 6 ш · C C 1 ⊙ 1 1 □ ⊙ □ ⊙ □ ⊙ □ □ □ ⊙ □ □ □ ⊙ □ □ □ □ ⊙ □ □ ⊙ □ ⊙ □ □ □ □ □ ⊙ □ ⊙ ⊙ C C C C ◒ C C C
✕ S 2 φ N ш 6 ✕ S 2 φ N ш 6 ✕ S C · C 1 1 ⊙ □ ⊙ □ □ □ □ □ □ ⊙ ⊙ □ ⊙ □ □ □ ⊙ □ □ □ □ ⊙ □ □ □ ⊙ □ □ □ □ □ □ □ ⊙ ⊙ ◒ C C C C C ◒ C
N 6 ш S ✕ φ 2 N 6 ш S ✕ φ 2 N C · C 1 1 1 □ □ ⊙ □ □ □ □ ⊙ ⊙ ⊙ □ □ ⊙ □ □ □ □ □ ⊙ □ □ □ □ ⊙ □ ⊙ □ □ ⊙ □ □ ⊙ □ □ C ◒ ◒ C C C ◒ C
ш 6 N 2 φ ✕ S ш 6 N 2 φ ✕ S ш 6 · C C 1 ⊙ ⊙ ⊙ □ □ □ ⊙ □ □ □ □ □ □ □ □ □ ⊙ ⊙ □ ⊙ □ □ □ □ □ □ □ □ □ □ □ □ ⊙ □ □ □ ◒ C C C C C ◒ ◒
φ 2 S ✕ 6 ш N φ 2 S ✕ 6 ш N φ 2 · · C 1 ⊙ ⊙ ⊙ □ □ □ ⊙ □ □ □ □ □ ⊙ ⊙ □ □ ⊙ □ ⊙ □ □ ⊙ □ □ □ □ □ □ □ □ ⊙ ⊙ ⊙ □ □ □ ◒ ◒ ◒ C C ◒ ◒ C
N ш 6 ✕ S 2 φ N ш 6 ✕ S 2 φ N C · · 1 1 □ □ □ ⊙ □ □ □ ⊙ □ □ □ □ □ □ □ □ □ □ ⊙ □ □ □ □ □ □ ⊙ □ □ □ □ ⊙ □ □ ⊙ □ ◒ C ◒ ◒ C C ◒ C
S ✕ φ 2 N 6 ш S ✕ φ 2 N 6 ш S ✕ C C C 1 ⊙ 1 1 1 1 ⊙ ⊙ ⊙ ⊙ ⊙ 1 ⊙ ⊙ ⊙ 1 ⊙ ⊙ ⊙ 1 1 ⊙ 1 ⊙ ⊙ C 1 1 1 ⊙ C C 1 ⊙ 1 C C ◒ C ◒ C C C ♠ ♠
2 φ ✕ S ш 6 N 2 φ ✕ S ш 6 N 2 φ · · · 1 ⊙ 1 ⊙ ⊙ ⊙ 1 ⊙ 1 1 ⊙ 1 1 1 1 ⊙ ⊙ ⊙ 1 1 ⊙ ⊙ 1 ⊙ 1 ⊙ ⊙ ⊙ ⊙ C ⊙ 1 ⊙ C ⊙ C ◒ ◒ ◒ ◒ ◒ ◒ ♠ C ♠
6 ш N φ 2 S ✕ 6 ш N φ 2 S ✕ 6 ш · · · 1 ⊙ ⊙ ⊙ ⊙ ⊙ ⊙ 1 1 ⊙ 1 ⊙ ⊙ 1 ⊙ ⊙ 1 ⊙ 1 ⊙ 1 1 1 ⊙ ⊙ ⊙ 1 C 1 1 C ⊙ 1 ⊙ C C C C C C C C ♠ ♠ ♠
✕ S 2 φ N ш 6 ✕ S 2 φ N ш 6 ✕ S C · C ⊙ ⊙ ⊙ 1 ⊙ ⊙ ⊙ ⊙ 1 1 ⊙ 1 1 ⊙ 1 1 1 1 1 1 1 1 1 ⊙ 1 C 1 C ⊙ C C ⊙ ⊙ C ⊙ ◒ ◒ C C ◒ ◒ ◒ ♠ ♠ C
N 6 ш S ✕ φ 2 N 6 ш S ✕ φ 2 N C · C 1 1 1 ⊙ 1 ⊙ ⊙ ⊙ ⊙ 1 ⊙ ⊙ ⊙ ⊙ 1 ⊙ ⊙ 1 1 1 1 1 ⊙ ⊙ C C 1 1 ⊙ 1 ⊙ ⊙ ⊙ ⊙ ⊙ ◒ ◒ C C ◒ C ◒ C ♠ ♠
ш 6 N 2 φ ✕ S ш 6 N 2 φ ✕ S ш 6 · · · 1 ⊙ 1 ⊙ ⊙ 1 1 1 1 ⊙ ⊙ ⊙ 1 1 1 ⊙ 1 1 1 1 ⊙ ⊙ ⊙ ⊙ ⊙ ⊙ ⊙ ⊙ C C ⊙ C ⊙ ⊙ 1 C ◒ ◒ C ◒ C C ♠ C C
φ 2 S ✕ 6 ш N φ 2 S ✕ 6 ш N φ 2 C C C ⊙ 1 ⊙ 1 ⊙ ⊙ ⊙ 1 1 ⊙ ⊙ ⊙ ⊙ 1 1 1 ⊙ 1 ⊙ 1 ⊙ 1 1 1 ⊙ ⊙ 1 1 C ⊙ 1 ⊙ ⊙ 1 ⊙ C C C C ◒ C C ♠ ♠ C
N ш 6 ✕ S 2 φ N ш 6 ✕ S 2 φ N C · C 1 1 ⊙ 1 ⊙ ⊙ 1 1 ⊙ 1 ⊙ ⊙ 1 1 ⊙ ⊙ 1 1 1 1 ⊙ 1 1 ⊙ C ⊙ C ⊙ 1 ⊙ ⊙ 1 C ⊙ ⊙ C C C C ◒ ◒ C ♠ ♠ C
S ✕ φ 2 N 6 ш S ✕ φ 2 N 6 ш S ✕ C · C ⊙ ⊙ 1 1 ⊙ ⊙ ⊙ 1 1 1 ⊙ ⊙ 1 1 ⊙ 1 ⊙ ⊙ 1 1 1 ⊙ 1 ⊙ C C 1 ⊙ ⊙ 1 1 1 1 1 ⊙ ◒ C C C ◒ ◒ C ♠ C C
2 φ ✕ S ш 6 N 2 φ ✕ S ш 6 N 2 φ · · · 1 ⊙ ⊙ 1 ⊙ ⊙ ⊙ ⊙ ⊙ 1 1 1 ⊙ 1 ⊙ 1 ⊙ ⊙ ⊙ ⊙ ⊙ ⊙ 1 C ⊙ 1 ⊙ C 1 ⊙ C ⊙ 1 ⊙ ⊙ C ◒ ◒ ◒ C ◒ ◒ ♠ C ♠
6 ш N φ 2 S ✕ 6 ш N φ 2 S ✕ 6 ш C · C ⊙ ⊙ 1 ⊙ ⊙ 1 1 ⊙ 1 1 1 1 ⊙ 1 1 ⊙ 1 1 1 ⊙ ⊙ 1 ⊙ ⊙ 1 ⊙ C C 1 1 1 ⊙ 1 ⊙ 1 C ◒ ◒ C ◒ C ◒ ♠ ♠ ♠
✕ S 2 φ N ш 6 ✕ S 2 φ N ш 6 ✕ S · C C 1 ⊙ 1 1 ⊙ 1 1 1 1 ⊙ ⊙ 1 1 1 ⊙ ⊙ ⊙ 1 ⊙ ⊙ 1 1 ⊙ C ⊙ C ⊙ 1 ⊙ ⊙ 1 ⊙ ⊙ ⊙ C ◒ C C ◒ C C ◒ ♠ C C
Fragment №1. Sea ride. CHM-019
after H.Hardy's painting
Фрагмент №1. Морская прогулка. Арт.ЧМ-019
по мотивам картины Х.Харди
→
60	50	40	30	20	10
10
20
30
40
50
60
70
80
9
Страна Мам . ру
